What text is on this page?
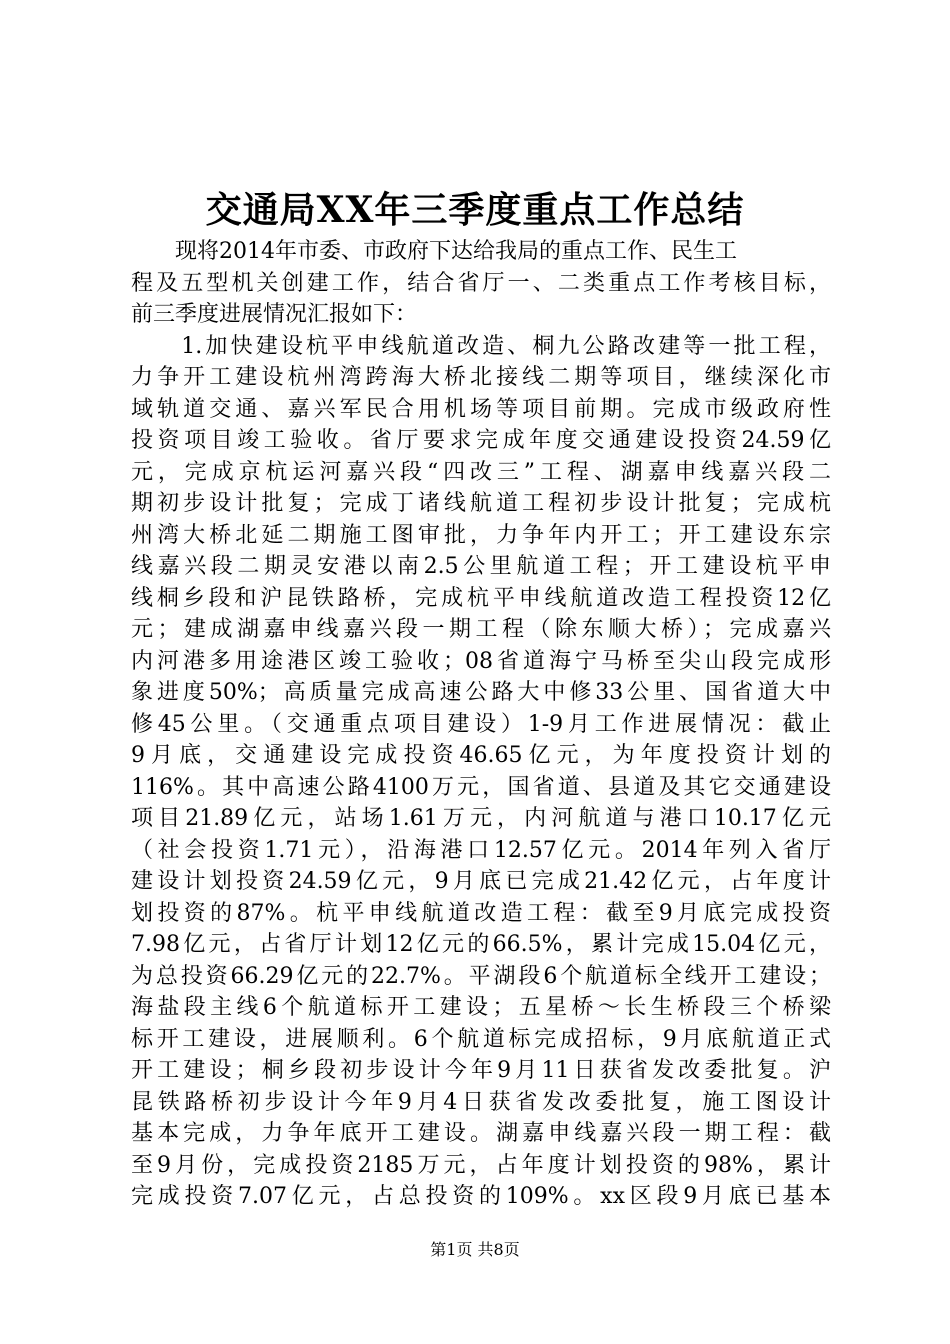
交通局XX年三季度重点工作总结
　　现将2014年市委、市政府下达给我局的重点工作、民生工
程及五型机关创建工作，结合省厅一、二类重点工作考核目标，
前三季度进展情况汇报如下：
　　1.加快建设杭平申线航道改造、桐九公路改建等一批工程，
力争开工建设杭州湾跨海大桥北接线二期等项目，继续深化市
域轨道交通、嘉兴军民合用机场等项目前期。完成市级政府性
投资项目竣工验收。省厅要求完成年度交通建设投资24.59亿
元，完成京杭运河嘉兴段“四改三”工程、湖嘉申线嘉兴段二
期初步设计批复；完成丁诸线航道工程初步设计批复；完成杭
州湾大桥北延二期施工图审批，力争年内开工；开工建设东宗
线嘉兴段二期灵安港以南2.5公里航道工程；开工建设杭平申
线桐乡段和沪昆铁路桥，完成杭平申线航道改造工程投资12亿
元；建成湖嘉申线嘉兴段一期工程（除东顺大桥）；完成嘉兴
内河港多用途港区竣工验收；08省道海宁马桥至尖山段完成形
象进度50%；高质量完成高速公路大中修33公里、国省道大中
修45公里。（交通重点项目建设）1-9月工作进展情况：截止
9月底，交通建设完成投资46.65亿元，为年度投资计划的
116%。其中高速公路4100万元，国省道、县道及其它交通建设
项目21.89亿元，站场1.61万元，内河航道与港口10.17亿元
（社会投资1.71元），沿海港口12.57亿元。2014年列入省厅
建设计划投资24.59亿元，9月底已完成21.42亿元，占年度计
划投资的87%。杭平申线航道改造工程：截至9月底完成投资
7.98亿元，占省厅计划12亿元的66.5%，累计完成15.04亿元，
为总投资66.29亿元的22.7%。平湖段6个航道标全线开工建设；
海盐段主线6个航道标开工建设；五星桥～长生桥段三个桥梁
标开工建设，进展顺利。6个航道标完成招标，9月底航道正式
开工建设；桐乡段初步设计今年9月11日获省发改委批复。沪
昆铁路桥初步设计今年9月4日获省发改委批复，施工图设计
基本完成，力争年底开工建设。湖嘉申线嘉兴段一期工程：截
至9月份，完成投资2185万元，占年度计划投资的98%，累计
完成投资7.07亿元，占总投资的109%。xx区段9月底已基本
第1页 共8页
